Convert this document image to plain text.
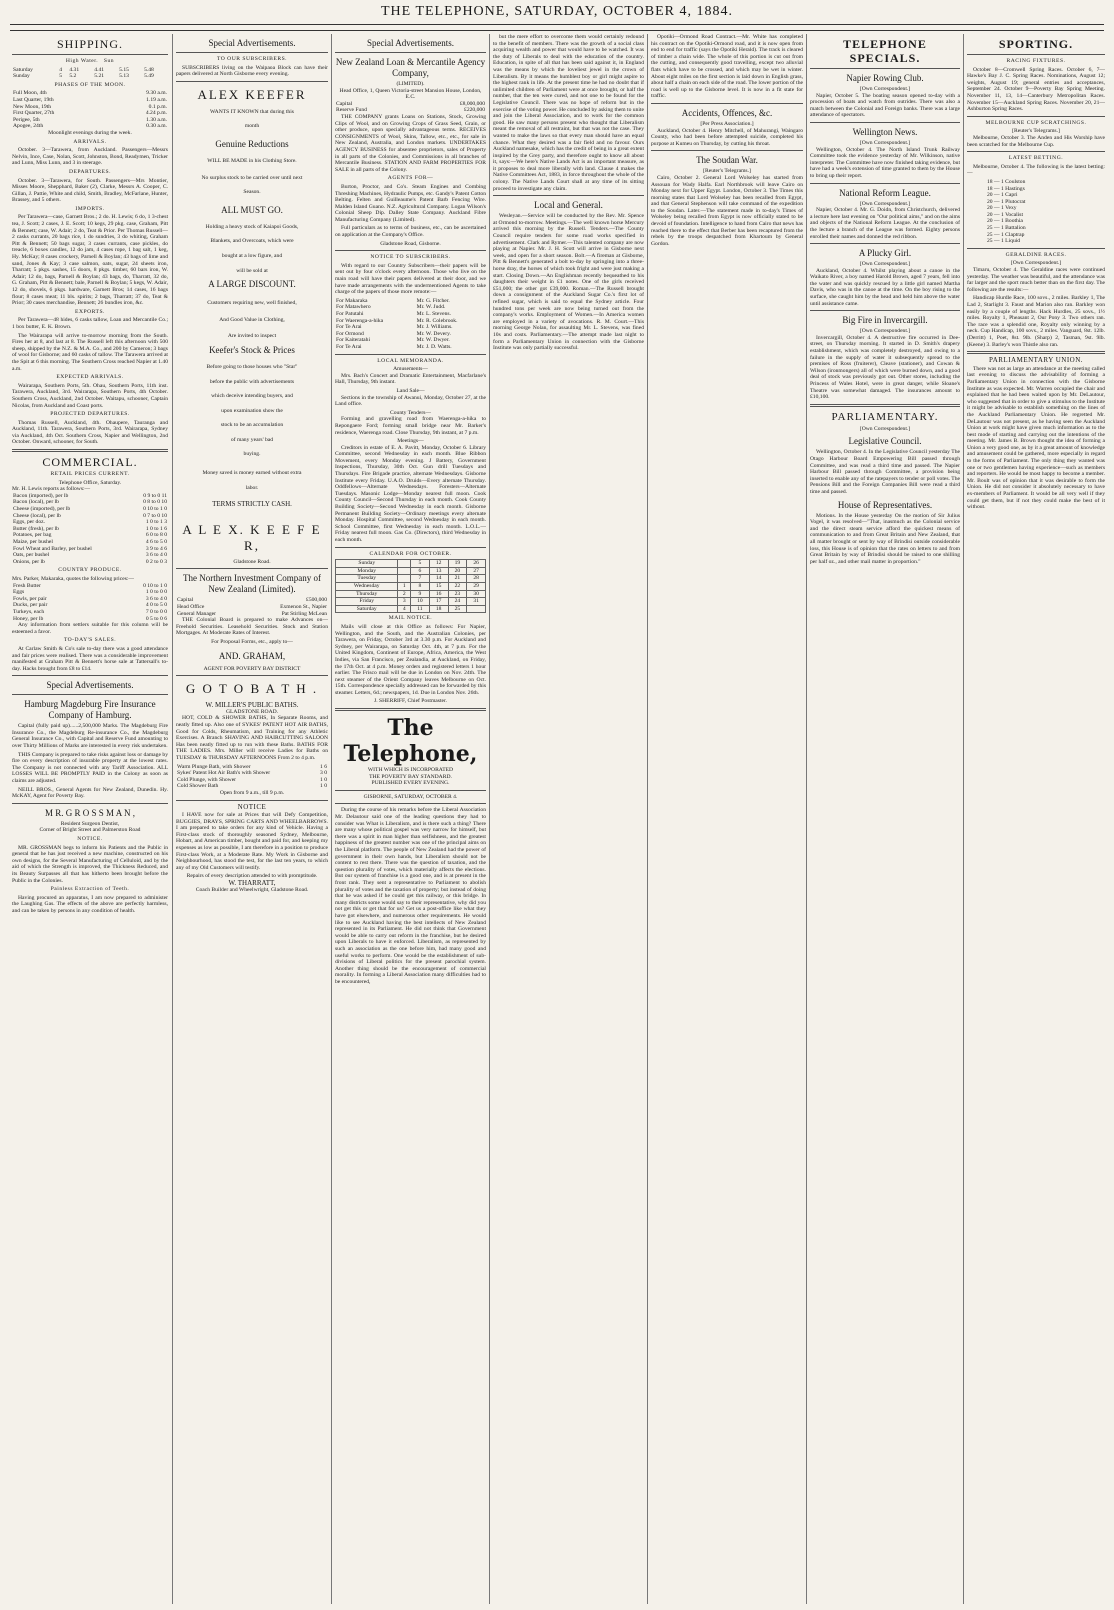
THE TELEPHONE, SATURDAY, OCTOBER 4, 1884.
SHIPPING.
High Water. Sun
Saturday	4	4.31	4.41	5.15	5.48
Sunday	5	5.2	5.21	5.13	5.49
PHASES OF THE MOON.
Full Moon, 4th	9.30 a.m.
Last Quarter, 19th	1.19 a.m.
New Moon, 19th	0.1 p.m.
First Quarter, 27th	4.24 p.m.
Perigee, 5th	1.30 a.m.
Apogee, 24th	0.30 a.m.
Moonlight evenings during the week.
ARRIVALS.

October. 3—Tarawera, from Auckland. Passengers—Messrs Nelvin, Ince, Case, Nolan, Scott, Johnston, Bond, Readymen, Tricker and Lunn, Miss Lunn, and 3 in steerage.

DEPARTURES.

October. 3—Tarawera, for South. Passengers—Mrs Montier, Misses Moore, Shepphard, Baker (2), Clarke, Messrs A. Cooper, C. Gillan, J. Pattie, White and child, Smith, Bradley, McFarlane, Hunter, Brassey, and 5 others.

IMPORTS.

Per Tarawera—case, Garnett Bros.; 2 do. H. Lewis; 6 do, 1 3-chest tea, J. Scott; 2 cases, J. E. Scott; 10 kegs, 29 pkg. case, Graham, Pitt & Bennett; case, W. Adair; 2 do, Teat & Prior. Per Thomas Russell—2 casks currants, 20 bags rice, 1 do sundries, 3 do whiting, Graham Pitt & Bennett; 50 bags sugar, 3 cases currants, case pickles, do treacle, 6 boxes candles, 12 do jam, 4 cases rope, 1 bag salt, 1 keg, Hy. McKay; 8 cases crockery, Parnell & Boylan; 43 bags of lime and sand, Jones & Kay; 3 case salmon, oats, sugar, 24 sheets iron, Tharratt; 5 pkgs. sashes, 15 doors, 8 pkgs. timber, 60 bars iron, W. Adair; 12 do, bags, Parnell & Boylan; 43 bags, do, Tharratt, 32 do, G. Graham, Pitt & Bennett; bale, Parnell & Boylan; 5 kegs, W. Adair, 12 do, shovels, 6 pkgs. hardware, Garnett Bros; 14 cases, 16 bags flour; 8 cases meat; 11 bls. spirits; 2 bags, Tharratt; 37 do, Teat & Prior; 30 cases merchandise, Bennett; 26 bundles iron, &c.

EXPORTS.

Per Tarawera—48 hides, 6 casks tallow, Loan and Mercantile Co.; 1 box butter, E. K. Brown.

The Wairarapa will arrive to-morrow morning from the South. Fires her at 8, and last at 8. The Russell left this afternoon with 500 sheep, shipped by the N.Z. & M.A. Co., and 200 by Cameron; 3 bags of wool for Gisborne; and 60 casks of tallow. The Tarawera arrived at the Spit at 6 this morning. The Southern Cross reached Napier at 1.40 a.m.

EXPECTED ARRIVALS.

Wairarapa, Southern Ports, 5th. Ohau, Southern Ports, 11th inst. Tarawera, Auckland, 3rd. Wairarapa, Southern Ports, 4th October. Southern Cross, Auckland, 2nd October. Waitapu, schooner, Captain Nicolas, from Auckland and Coast ports.

PROJECTED DEPARTURES.

Thomas Russell, Auckland, 4th. Ohaupere, Tauranga and Auckland, 11th. Tarawera, Southern Ports, 3rd. Wairarapa, Sydney via Auckland, 4th Oct. Southern Cross, Napier and Wellington, 2nd October. Onward, schooner, for South.

COMMERCIAL.
RETAIL PRICES CURRENT.
Telephone Office, Saturday.
Mr. H. Lewis reports as follows:—
Bacon (imported), per lb	0 9 to 0 11
Bacon (local), per lb	0 8 to 0 10
Cheese (imported), per lb	0 10 to 1 0
Cheese (local), per lb	0 7 to 0 10
Eggs, per doz.	1 0 to 1 3
Butter (fresh), per lb	1 0 to 1 6
Potatoes, per bag	6 0 to 8 0
Maize, per bushel	4 6 to 5 0
Fowl Wheat and Barley, per bushel	3 9 to 4 6
Oats, per bushel	3 6 to 4 0
Onions, per lb	0 2 to 0 3
COUNTRY PRODUCE.
Mrs. Parker, Makaraka, quotes the following prices:—
Fresh Butter	0 10 to 1 0
Eggs	1 0 to 0 0
Fowls, per pair	3 6 to 4 0
Ducks, per pair	4 0 to 5 0
Turkeys, each	7 0 to 0 0
Honey, per lb	0 5 to 0 6

Any information from settlers suitable for this column will be esteemed a favor.

TO-DAY'S SALES.

At Carlaw Smith & Co's sale to-day there was a good attendance and fair prices were realised. There was a considerable improvement manifested at Graham Pitt & Bennett's horse sale at Tattersall's to-day. Hacks brought from £8 to £14.

Special Advertisements.
Hamburg Magdeburg Fire Insurance Company of Hamburg.

Capital (fully paid up)......2,500,000 Marks. The Magdeburg Fire Insurance Co., the Magdeburg Re-insurance Co., the Magdeburg General Insurance Co., with Capital and Reserve Fund amounting to over Thirty Millions of Marks are interested in every risk undertaken.

THIS Company is prepared to take risks against loss or damage by fire on every description of insurable property at the lowest rates. The Company is not connected with any Tariff Association. ALL LOSSES WILL BE PROMPTLY PAID in the Colony as soon as claims are adjusted.

NEILL BROS., General Agents for New Zealand, Dunedin. Hy. McKAY, Agent for Poverty Bay.

M R. G R O S S M A N ,
Resident Surgeon Dentist,
Corner of Bright Street and Palmerston Road
NOTICE.

MR. GROSSMAN begs to inform his Patients and the Public in general that he has just received a new machine, constructed on his own designs, for the Several Manufacturing of Celluloid, and by the aid of which the Strength is improved, the Thickness Reduced, and its Beauty Surpasses all that has hitherto been brought before the Public in the Colonies.

Painless Extraction of Teeth.

Having procured an apparatus, I am now prepared to administer the Laughing Gas. The effects of the above are perfectly harmless, and can be taken by persons in any condition of health.

Special Advertisements.
TO OUR SUBSCRIBERS.

SUBSCRIBERS living on the Waipaoa Block can have their papers delivered at North Gisborne every evening.

ALEX KEEFER
WANTS IT KNOWN that during this
month
Genuine Reductions
WILL BE MADE in his Clothing Store.
No surplus stock to be carried over until next
Season.
ALL MUST GO.
Holding a heavy stock of Kaiapoi Goods,
Blankets, and Overcoats, which were
bought at a low figure, and
will be sold at
A LARGE DISCOUNT.
Customers requiring new, well finished,
And Good Value in Clothing,
Are invited to inspect
Keefer's Stock & Prices
Before going to those houses who "Star"
before the public with advertisements
which deceive intending buyers, and
upon examination show the
stock to be an accumulation
of many years' bad
buying.
Money saved is money earned without extra
labor.
TERMS STRICTLY CASH.
A L E X. K E E F E R,
Gladstone Road.
The Northern Investment Company of New Zealand (Limited).
Capital	£500,000
Head Office	Exmenon St., Napier
General Manager	Pat Stirling McLean

THE Colonial Board is prepared to make Advances on— Freehold Securities. Leasehold Securities. Stock and Station Mortgages. At Moderate Rates of Interest.

For Proposal Forms, etc., apply to—
AND. GRAHAM,
AGENT FOR POVERTY BAY DISTRICT
G O T O B A T H .
W. MILLER'S PUBLIC BATHS.
GLADSTONE ROAD.

HOT, COLD & SHOWER BATHS, In Separate Rooms, and neatly fitted up. Also one of SYKES' PATENT HOT AIR BATHS, Good for Colds, Rheumatism, and Training for any Athletic Exercises. A Branch SHAVING AND HAIRCUTTING SALOON Has been neatly fitted up to run with these Baths. BATHS FOR THE LADIES. Mrs. Miller will receive Ladies for Baths on TUESDAY & THURSDAY AFTERNOONS From 2 to 4 p.m.

Warm Plunge Bath, with Shower	1 6
Sykes' Patent Hot Air Bath's with Shower	3 0
Cold Plunge, with Shower	1 0
Cold Shower Bath	1 0
Open from 9 a.m., till 9 p.m.
NOTICE

I HAVE now for sale at Prices that will Defy Competition, BUGGIES, DRAYS, SPRING CARTS AND WHEELBARROWS. I am prepared to take orders for any kind of Vehicle. Having a First-class stock of thoroughly seasoned Sydney, Melbourne, Hobart, and American timber, bought and paid for, and keeping my expenses as low as possible, I am therefore in a position to produce First-class Work, at a Moderate Rate. My Work in Gisborne and Neighbourhood, has stood the test, for the last ten years, to which any of my Old Customers will testify.

Repairs of every description attended to with promptitude.
W. THARRATT,
Coach Builder and Wheelwright, Gladstone Road.
Special Advertisements.
New Zealand Loan & Mercantile Agency Company,
(LIMITED).
Head Office, 1, Queen Victoria-street Mansion House, London, E.C.
Capital	£8,000,000
Reserve Fund	£220,000

THE COMPANY grants Loans on Stations, Stock, Growing Clips of Wool, and on Growing Crops of Grass Seed, Grain, or other produce, upon specially advantageous terms. RECEIVES CONSIGNMENTS of Wool, Skins, Tallow, etc., etc., for sale in New Zealand, Australia, and London markets. UNDERTAKES AGENCY BUSINESS for absentee proprietors, sales of Property in all parts of the Colonies, and Commissions in all branches of Mercantile Business. STATION AND FARM PROPERTIES FOR SALE in all parts of the Colony.

AGENTS FOR—

Burton, Proctor, and Co's. Steam Engines and Combing Threshing Machines, Hydraulic Pumps, etc. Gandy's Patent Cotton Belting. Felten and Guilleaume's Patent Barb Fencing Wire. Malden Island Guano. N.Z. Agricultural Company. Logan Wilson's Colonial Sheep Dip. Dalley State Company. Auckland Fibre Manufacturing Company (Limited).

Full particulars as to terms of business, etc., can be ascertained on application at the Company's Office.

Gladstone Road, Gisborne.
NOTICE TO SUBSCRIBERS.

With regard to our Country Subscribers—their papers will be sent out by four o'clock every afternoon. Those who live on the main road will have their papers delivered at their door, and we have made arrangements with the undermentioned Agents to take charge of the papers of those more remote:—

For Makaraka	Mr. G. Fitcher.
For Matawhero	Mr. W. Judd.
For Patutahi	Mr. L. Stevens.
For Waerenga-a-hika	Mr. R. Colebrook.
For Te Arai	Mr. J. Williams.
For Ormond	Mr. W. Devery.
For Kaiteratahi	Mr. W. Dwyer.
For Te Arai	Mr. J. D. Watts.
LOCAL MEMORANDA.
Amusements—

Mrs. Bach's Concert and Dramatic Entertainment, Macfarlane's Hall, Thursday, 9th instant.

Land Sale—

Sections in the township of Awanui, Monday, October 27, at the Land office.

County Tenders—

Forming and gravelling road from Waerenga-a-hika to Repongaere Ford; forming small bridge near Mr. Barker's residence, Waerenga road. Close Thursday, 9th instant, at 7 p.m.

Meetings—

Creditors in estate of E. A. Pavitt, Monday, October 6. Library Committee, second Wednesday in each month. Blue Ribbon Movement, every Monday evening. J Battery, Government Inspections, Thursday, 30th Oct. Gun drill Tuesdays and Thursdays. Fire Brigade practice, alternate Wednesdays. Gisborne Institute every Friday. U.A.O. Druids—Every alternate Thursday. Oddfellows—Alternate Wednesdays. Foresters—Alternate Tuesdays. Masonic Lodge—Monday nearest full moon. Cook County Council—Second Thursday in each month. Cook County Building Society—Second Wednesday in each month. Gisborne Permanent Building Society—Ordinary meetings every alternate Monday. Hospital Committee, second Wednesday in each month. School Committee, first Wednesday in each month. L.O.L.—Friday nearest full moon. Gas Co. (Directors), third Wednesday in each month.

CALENDAR FOR OCTOBER.
Sunday		5	12	19	26
Monday		6	13	20	27
Tuesday		7	14	21	28
Wednesday	1	8	15	22	29
Thursday	2	9	16	23	30
Friday	3	10	17	24	31
Saturday	4	11	18	25	
MAIL NOTICE.

Mails will close at this Office as follows: For Napier, Wellington, and the South, and the Australian Colonies, per Tarawera, on Friday, October 3rd at 3.30 p.m. For Auckland and Sydney, per Wairarapa, on Saturday Oct. 4th, at 7 p.m. For the United Kingdom, Continent of Europe, Africa, America, the West Indies, via San Francisco, per Zealandia, at Auckland, on Friday, the 17th Oct. at 4 p.m. Money orders and registered letters 1 hour earlier. The Frisco mail will be due in London on Nov. 24th. The next steamer of the Orient Company leaves Melbourne on Oct. 15th. Correspondence specially addressed can be forwarded by this steamer. Letters, 6d.; newspapers, 1d. Due in London Nov. 26th.

J. SHERRIFF, Chief Postmaster.
The Telephone,
WITH WHICH IS INCORPORATED
THE POVERTY BAY STANDARD.
PUBLISHED EVERY EVENING.
GISBORNE, SATURDAY, OCTOBER 4.

During the course of his remarks before the Liberal Association Mr. Delautour said one of the leading questions they had to consider was What is Liberalism, and is there such a thing? There are many whose political gospel was very narrow for himself, but there was a spirit in man higher than selfishness, and the greatest happiness of the greatest number was one of the principal aims on the Liberal platform. The people of New Zealand had the power of government in their own hands, but Liberalism should not be content to rest there. There was the question of taxation, and the question plurality of votes, which materially affects the elections. But our system of franchise is a good one, and is at present in the front rank. They sent a representative to Parliament to abolish plurality of votes and the taxation of property; but instead of doing that he was asked if he could get this railway, or this bridge. In many districts some would say to their representative, why did you not get this or get that for us? Get us a post-office like what they have got elsewhere, and numerous other requirements. He would like to see Auckland having the best intellects of New Zealand represented in its Parliament. He did not think that Government would be able to carry out reform in the franchise, but he desired upon Liberals to have it enforced. Liberalism, as represented by such an association as the one before him, had many good and useful works to perform. One would be the establishment of sub-divisions of Liberal politics for the present parochial system. Another thing should be the encouragement of commercial morality. In forming a Liberal Association many difficulties had to be encountered,

but the mere effort to overcome them would certainly redound to the benefit of members. There was the growth of a social class acquiring wealth and power that would have to be watched. It was the duty of Liberals to deal with the education of the country. Education, in spite of all that has been said against it, in England was the means by which the loveliest jewel in the crown of Liberalism. By it means the humblest boy or girl might aspire to the highest rank in life. At the present time he had no doubt that if unlimited children of Parliament were at once brought, or half the number, that the ten were cured, and not one to be found for the Legislative Council. There was no hope of reform but in the exercise of the voting power. He concluded by asking them to unite and join the Liberal Association, and to work for the common good. He saw many persons present who thought that Liberalism meant the removal of all restraint, but that was not the case. They wanted to make the laws so that every man should have an equal chance. What they desired was a fair field and no favour. Ours Auckland namesake, which has the credit of being in a great extent inspired by the Grey party, and therefore ought to know all about it, says:—We here's Native Lands Act is an important measure, as it proposes to deal more liberally with land. Clause 4 makes the Native Committees Act, 1883, in force throughout the whole of the colony. The Native Lands Court shall at any time of its sitting proceed to investigate any claim.

Local and General.

Wesleyan.—Service will be conducted by the Rev. Mr. Spence at Ormond to-morrow. Meetings.—The well known horse Mercury arrived this morning by the Russell. Tenders.—The County Council require tenders for some road works specified in advertisement. Clark and Rymer.—This talented company are now playing at Napier. Mr. J. H. Scott will arrive in Gisborne next week, and open for a short season. Bolt.—A fireman at Gisborne, Pitt & Bennett's generated a bolt to-day by springing into a three-horse dray, the horses of which took fright and were just making a start. Closing Down.—An Englishman recently bequeathed to his daughters their weight in £1 notes. One of the girls received £51,000; the other got £39,000. Roman.—The Russell brought down a consignment of the Auckland Sugar Co.'s first lot of refined sugar, which is said to equal the Sydney article. Four hundred tons per week are now being turned out from the company's works. Employment of Women.—In America women are employed in a variety of avocations. R. M. Court.—This morning George Nolan, for assaulting Mr. L. Stevens, was fined 10s and costs. Parliamentary.—The attempt made last night to form a Parliamentary Union in connection with the Gisborne Institute was only partially successful.

Opotiki—Ormond Road Contract.—Mr. White has completed his contract on the Opotiki-Ormond road, and it is now open from end to end for traffic (says the Opotiki Herald). The track is cleared of timber a chain wide. The whole of this portion is cut out from the cutting, and consequently good travelling, except two alluvial flats which have to be crossed, and which may be wet in winter. About eight miles on the first section is laid down in English grass, about half a chain on each side of the road. The lower portion of the road is well up to the Gisborne level. It is now in a fit state for traffic.

Accidents, Offences, &c.
[Per Press Association.]

Auckland, October 4. Henry Mitchell, of Mahurangi, Waingaro County, who had been before attempted suicide, completed his purpose at Kumeu on Thursday, by cutting his throat.

The Soudan War.
[Reuter's Telegrams.]

Cairo, October 2. General Lord Wolseley has started from Assouan for Wady Halfa. Earl Northbrook will leave Cairo on Monday next for Upper Egypt. London, October 3. The Times this morning states that Lord Wolseley has been recalled from Egypt, and that General Stephenson will take command of the expedition to the Soudan. Later.—The statement made in to-day's Times of Wolseley being recalled from Egypt is now officially stated to be devoid of foundation. Intelligence to hand from Cairo that news has reached there to the effect that Berber has been recaptured from the rebels by the troops despatched from Khartoum by General Gordon.

TELEPHONE SPECIALS.
Napier Rowing Club.
[Own Correspondent.]

Napier, October 5. The boating season opened to-day with a procession of boats and watch from outrides. There was also a match between the Colonial and Foreign banks. There was a large attendance of spectators.

Wellington News.
[Own Correspondent.]

Wellington, October 4. The North Island Trunk Railway Committee took the evidence yesterday of Mr. Wilkinson, native interpreter. The Committee have now finished taking evidence, but have had a week's extension of time granted to them by the House to bring up their report.

National Reform League.
[Own Correspondent.]

Napier, October 4. Mr. G. Doidn, from Christchurch, delivered a lecture here last evening on "Our political aims," and on the aims and objects of the National Reform League. At the conclusion of the lecture a branch of the League was formed. Eighty persons enrolled their names and donned the red ribbon.

A Plucky Girl.
[Own Correspondent.]

Auckland, October 4. Whilst playing about a canoe in the Waikato River, a boy named Harold Brown, aged 7 years, fell into the water and was quickly rescued by a little girl named Martha Davis, who was in the canoe at the time. On the boy rising to the surface, she caught him by the head and held him above the water until assistance came.

Big Fire in Invercargill.
[Own Correspondent.]

Invercargill, October 4. A destructive fire occurred in Dee-street, on Thursday morning. It started in D. Smith's drapery establishment, which was completely destroyed, and owing to a failure in the supply of water it subsequently spread to the premises of Ross (fruiterer), Cleave (stationer), and Cowan & Wilson (ironmongers) all of which were burned down, and a good deal of stock was previously got out. Other stores, including the Princess of Wales Hotel, were in great danger, while Sloane's Theatre was somewhat damaged. The insurances amount to £10,100.

PARLIAMENTARY.
[Own Correspondent.]
Legislative Council.

Wellington, October 4. In the Legislative Council yesterday The Otago Harbour Board Empowering Bill passed through Committee, and was read a third time and passed. The Napier Harbour Bill passed through Committee, a provision being inserted to enable any of the ratepayers to tender or poll votes. The Pensions Bill and the Foreign Companies Bill were read a third time and passed.

House of Representatives.

Motions. In the House yesterday On the motion of Sir Julius Vogel, it was resolved—"That, inasmuch as the Colonial service and the direct steam service afford the quickest means of communication to and from Great Britain and New Zealand, that all matter brought or sent by way of Brindisi outside considerable loss, this House is of opinion that the rates on letters to and from Great Britain by way of Brindisi should be raised to one shilling per half oz., and other mail matter in proportion."

SPORTING.
RACING FIXTURES.

October 8—Cromwell Spring Races. October 6, 7—Hawke's Bay J. C. Spring Races. Nominations, August 12; weights, August 19; general entries and acceptances, September 24. October 9—Poverty Bay Spring Meeting. November 11, 13, 14—Canterbury Metropolitan Races. November 15—Auckland Spring Races. November 20, 21—Ashburton Spring Races.

MELBOURNE CUP SCRATCHINGS.
[Reuter's Telegrams.]

Melbourne, October 3. The Anden and His Worship have been scratched for the Melbourne Cup.

LATEST BETTING.

Melbourne, October 4. The following is the latest betting:—

18 — 1 Coulston
18 — 1 Hastings
20 — 1 Capri
20 — 1 Plutocrat
20 — 1 Vexy
20 — 1 Vocalist
20 — 1 Boothia
25 — 1 Battalion
25 — 1 Claptrap
25 — 1 Liquid
GERALDINE RACES.
[Own Correspondent.]

Timaru, October 4. The Geraldine races were continued yesterday. The weather was beautiful, and the attendance was far larger and the sport much better than on the first day. The following are the results:—

Handicap Hurdle Race, 100 sovs., 2 miles. Barkley 1, The Lad 2, Starlight 3. Faust and Marion also ran. Barkley won easily by a couple of lengths. Hack Hurdles, 25 sovs., 1½ miles. Royalty 1, Pheasant 2, Our Pony 3. Two others ran. The race was a splendid one, Royalty only winning by a neck. Cup Handicap, 100 sovs., 2 miles. Vanguard, 8st. 12lb. (Derritt) 1, Poet, 8st. 9lb. (Sharp) 2, Tasman, 9st. 9lb. (Keene) 3. Barley's won Thistle also ran.

PARLIAMENTARY UNION.

There was not as large an attendance at the meeting called last evening to discuss the advisability of forming a Parliamentary Union in connection with the Gisborne Institute as was expected. Mr. Warren occupied the chair and explained that he had been waited upon by Mr. DeLautour, who suggested that in order to give a stimulus to the Institute it might be advisable to establish something on the lines of the Auckland Parliamentary Union. He regretted Mr. DeLautour was not present, as he having seen the Auckland Union at work might have given much information as to the best mode of starting and carrying out the intentions of the meeting. Mr. James B. Brown thought the idea of forming a Union a very good one, as by it a great amount of knowledge and amusement could be gathered, more especially in regard to the forms of Parliament. The only thing they wanted was one or two gentlemen having experience—such as members and reporters. He would be most happy to become a member. Mr. Boult was of opinion that it was desirable to form the Union. He did not consider it absolutely necessary to have ex-members of Parliament. It would be all very well if they could get them, but if not they could make the best of it without.
